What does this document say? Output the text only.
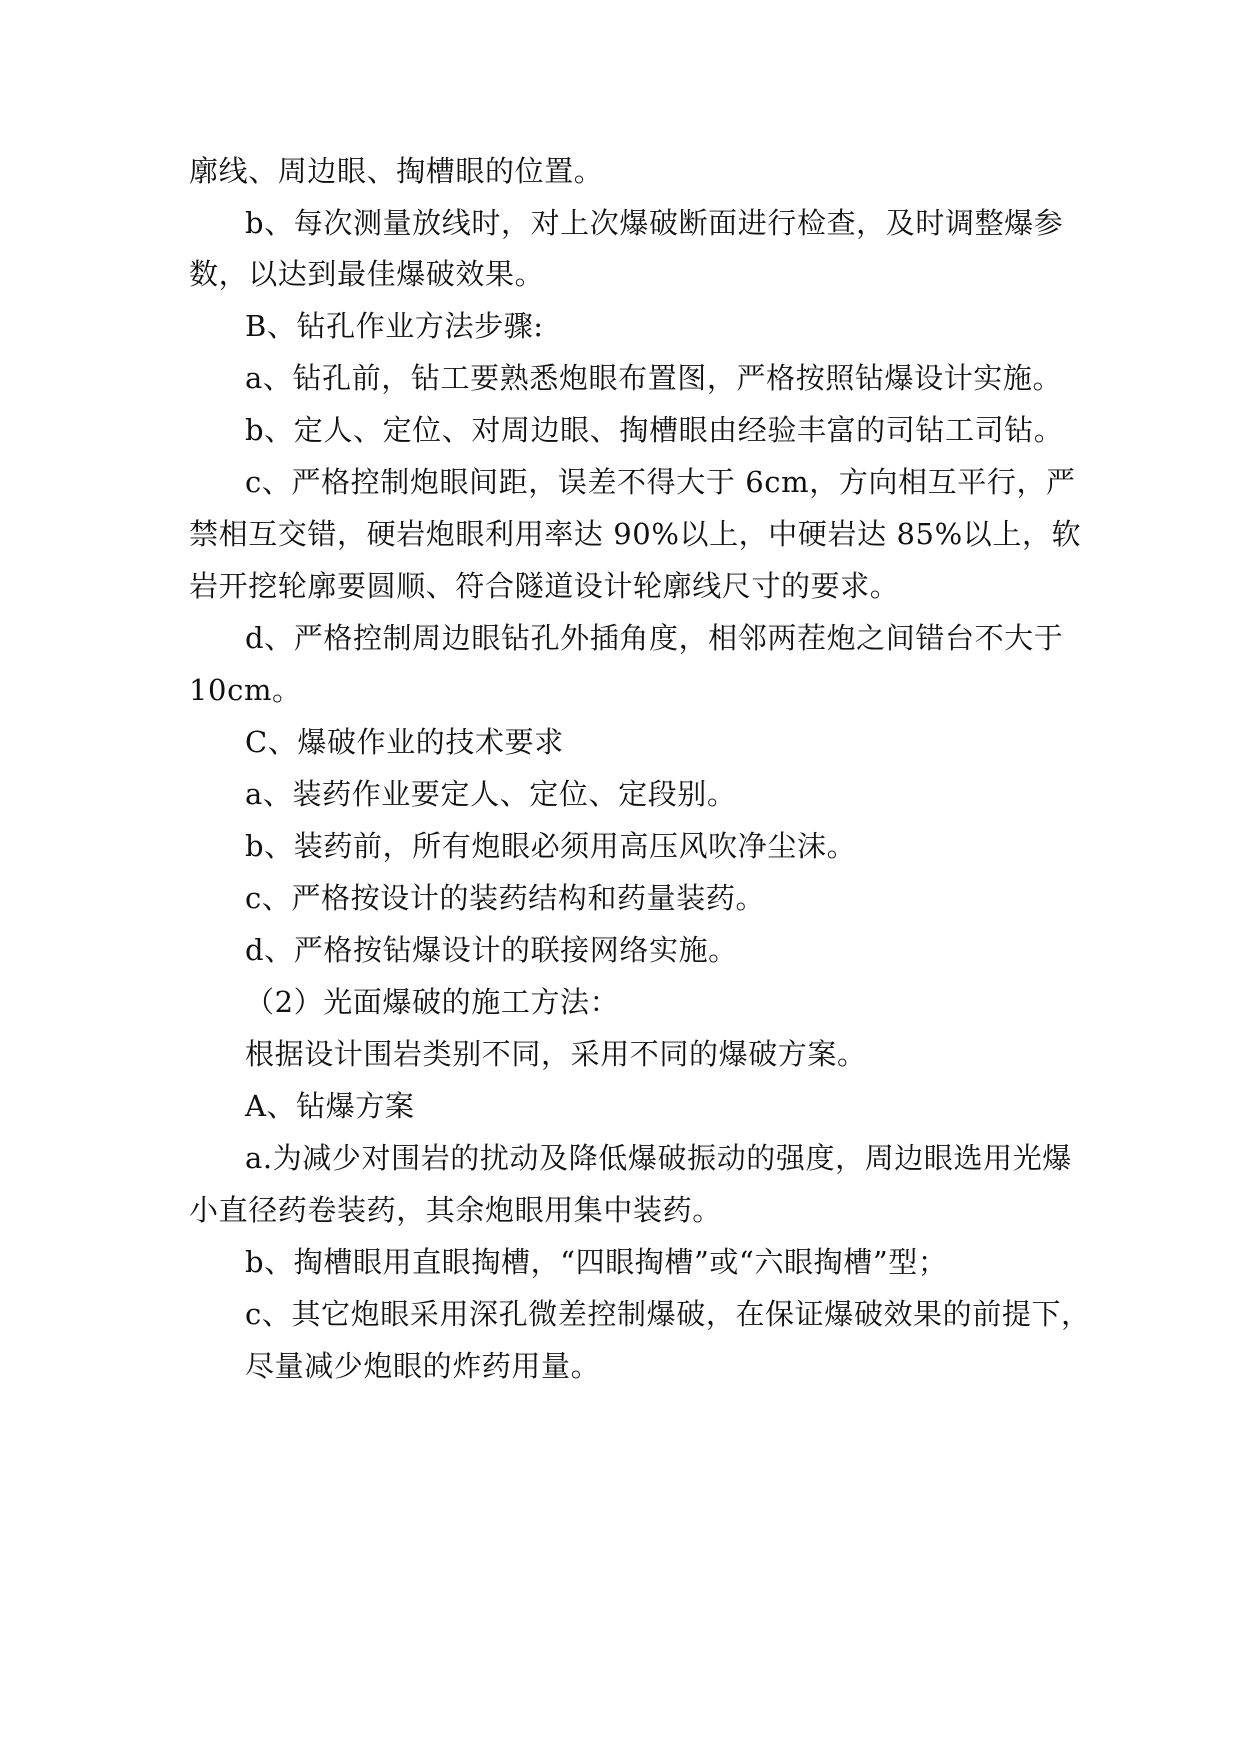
廓线、周边眼、掏槽眼的位置。
b、每次测量放线时，对上次爆破断面进行检查，及时调整爆参
数，以达到最佳爆破效果。
B、钻孔作业方法步骤:
a、钻孔前，钻工要熟悉炮眼布置图，严格按照钻爆设计实施。
b、定人、定位、对周边眼、掏槽眼由经验丰富的司钻工司钻。
c、严格控制炮眼间距，误差不得大于 6cm，方向相互平行，严
禁相互交错，硬岩炮眼利用率达 90%以上，中硬岩达 85%以上，软
岩开挖轮廓要圆顺、符合隧道设计轮廓线尺寸的要求。
d、严格控制周边眼钻孔外插角度，相邻两茬炮之间错台不大于
10cm。
C、爆破作业的技术要求
a、装药作业要定人、定位、定段别。
b、装药前，所有炮眼必须用高压风吹净尘沫。
c、严格按设计的装药结构和药量装药。
d、严格按钻爆设计的联接网络实施。
（2）光面爆破的施工方法：
根据设计围岩类别不同，采用不同的爆破方案。
A、钻爆方案
a.为减少对围岩的扰动及降低爆破振动的强度，周边眼选用光爆
小直径药卷装药，其余炮眼用集中装药。
b、掏槽眼用直眼掏槽，“四眼掏槽”或“六眼掏槽”型；
c、其它炮眼采用深孔微差控制爆破，在保证爆破效果的前提下，
尽量减少炮眼的炸药用量。
